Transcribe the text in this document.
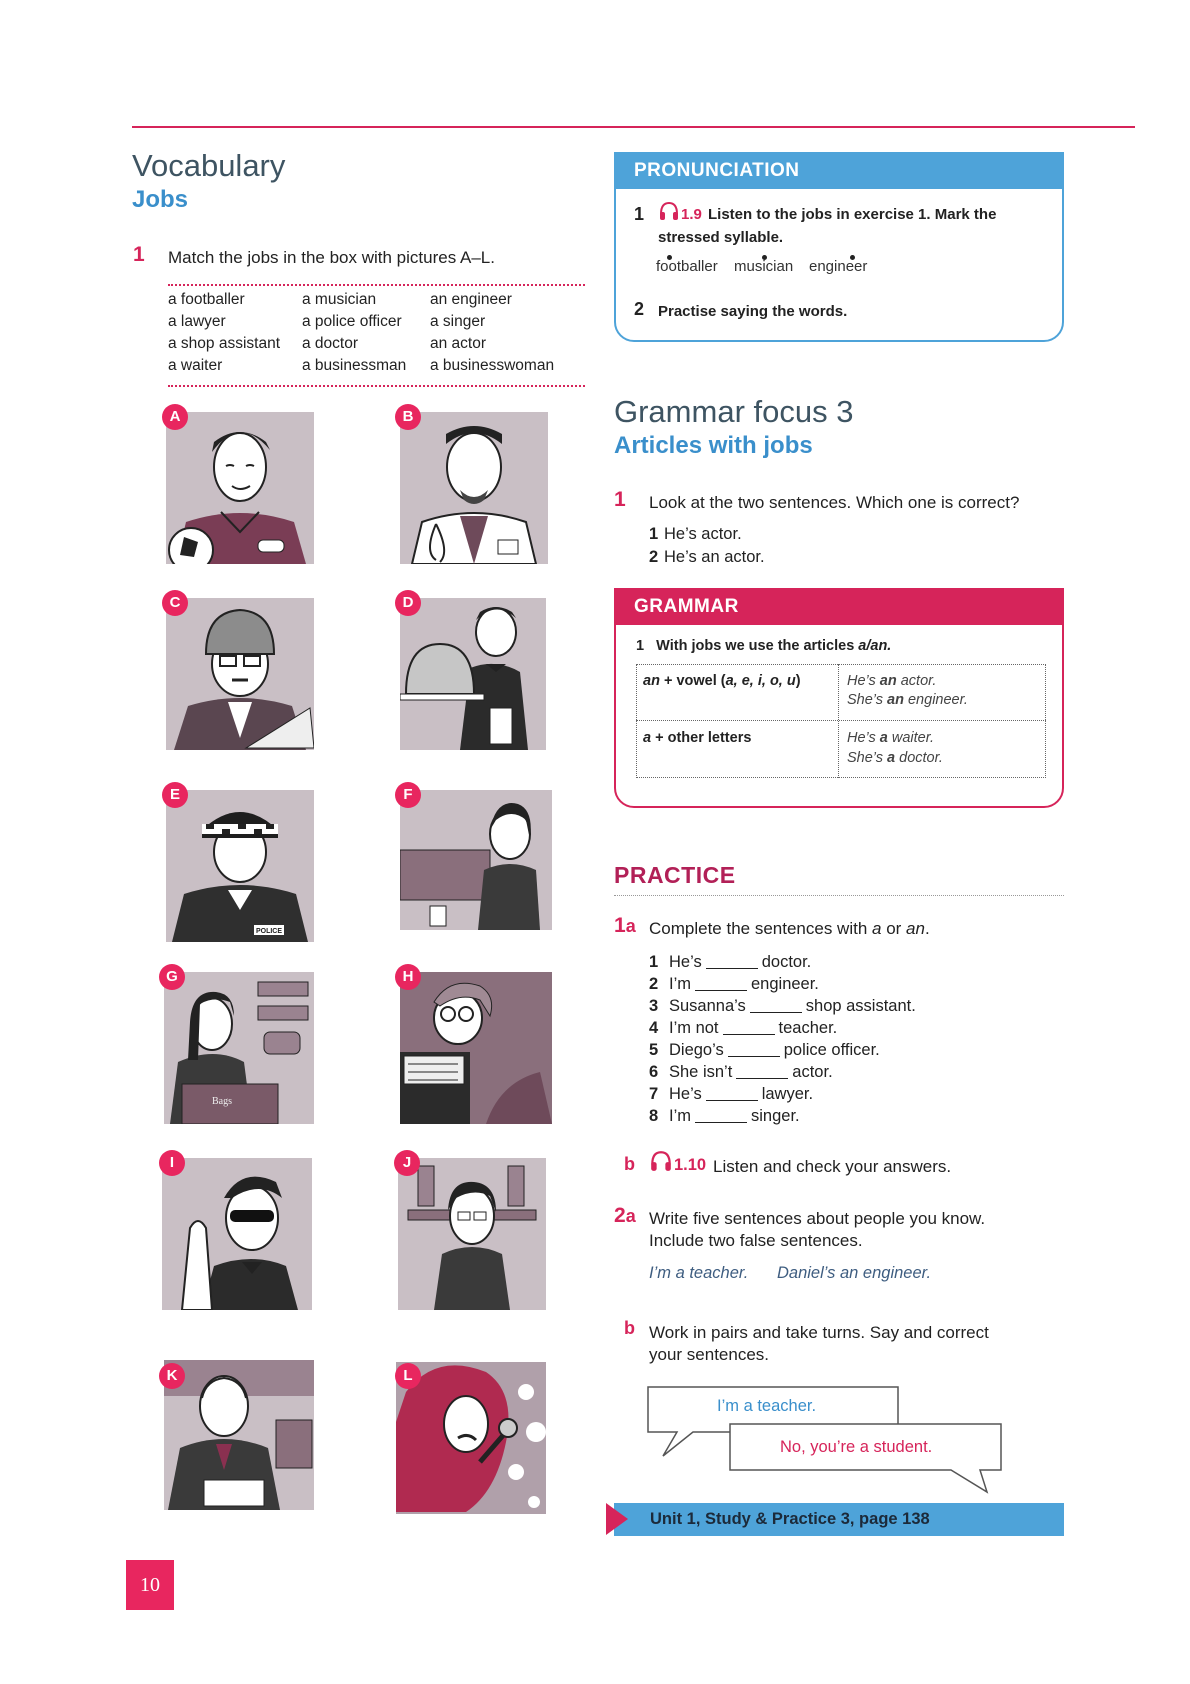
Vocabulary
Jobs
1 Match the jobs in the box with pictures A–L.
a footballer	a musician	an engineer
a lawyer	a police officer a singer
a shop assistant a doctor	an actor
a waiter	a businessman a businesswoman
A	B
C	D
POLICE
E	F
Bags
G	H
I	J
K	L
PRONUNCIATION
1 1.9 Listen to the jobs in exercise 1. Mark the
stressed syllable.
footballer musician engineer
2 Practise saying the words.
Grammar focus 3
Articles with jobs
1 Look at the two sentences. Which one is correct?
1 He’s actor.
2 He’s an actor.
GRAMMAR
1 With jobs we use the articles a/an.
an + vowel (a, e, i, o, u)	He’s an actor.
She’s an engineer.
a + other letters	He’s a waiter.
She’s a doctor.
PRACTICE
1a Complete the sentences with a or an.
1 He’s	doctor.
2 I’m	engineer.
3 Susanna’s	shop assistant.
4 I’m not	teacher.
5 Diego’s	police officer.
6 She isn’t	actor.
7 He’s	lawyer.
8 I’m	singer.
b 1.10 Listen and check your answers.
2a Write five sentences about people you know.
Include two false sentences.
I’m a teacher. Daniel’s an engineer.
b Work in pairs and take turns. Say and correct
your sentences.
I’m a teacher.
No, you’re a student.
Unit 1, Study & Practice 3, page 138
10
